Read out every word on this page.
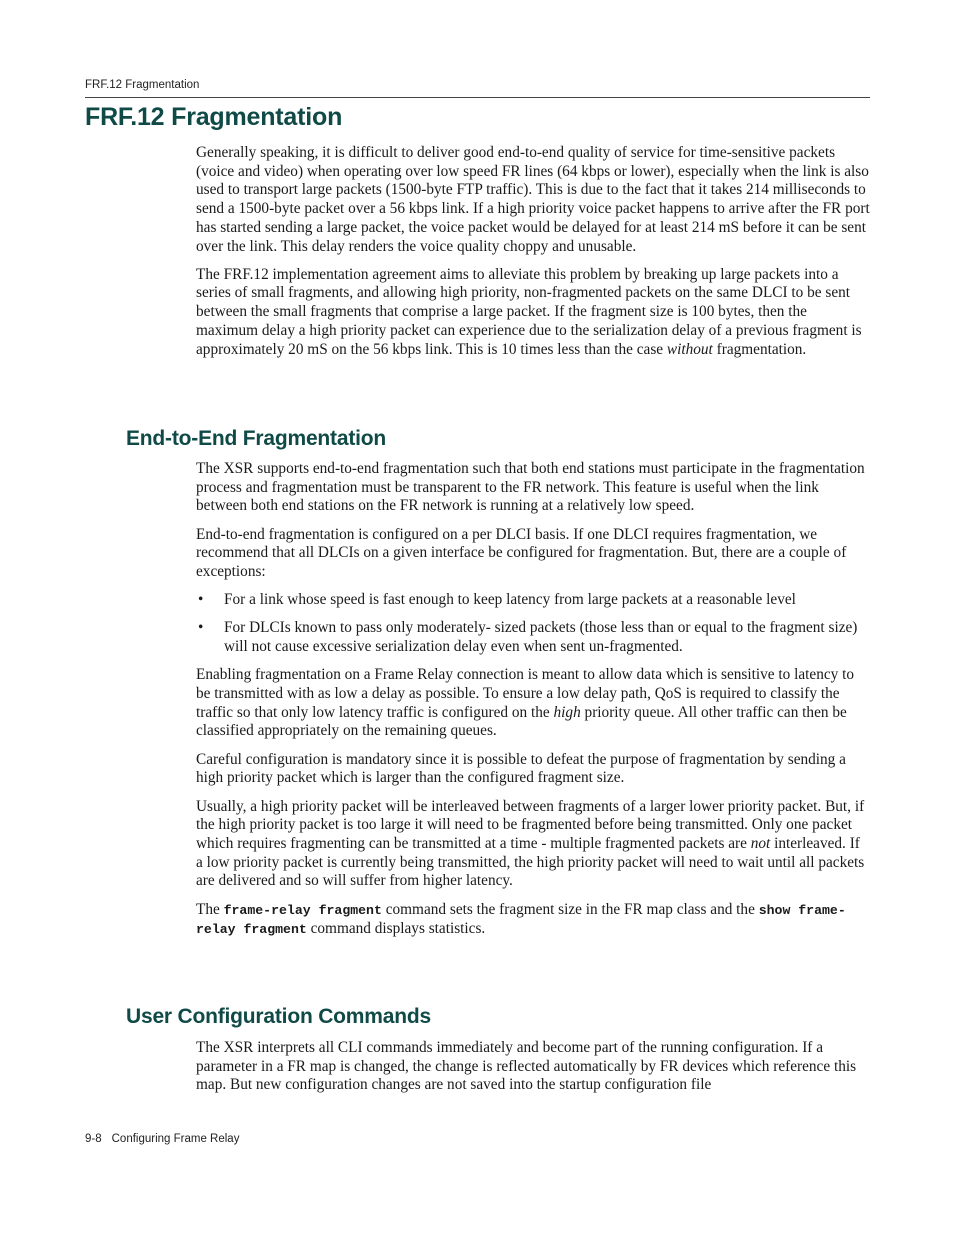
FRF.12 Fragmentation
FRF.12 Fragmentation

Generally speaking, it is difficult to deliver good end-to-end quality of service for time-sensitive packets (voice and video) when operating over low speed FR lines (64 kbps or lower), especially when the link is also used to transport large packets (1500-byte FTP traffic). This is due to the fact that it takes 214 milliseconds to send a 1500-byte packet over a 56 kbps link. If a high priority voice packet happens to arrive after the FR port has started sending a large packet, the voice packet would be delayed for at least 214 mS before it can be sent over the link. This delay renders the voice quality choppy and unusable.

The FRF.12 implementation agreement aims to alleviate this problem by breaking up large packets into a series of small fragments, and allowing high priority, non-fragmented packets on the same DLCI to be sent between the small fragments that comprise a large packet. If the fragment size is 100 bytes, then the maximum delay a high priority packet can experience due to the serialization delay of a previous fragment is approximately 20 mS on the 56 kbps link. This is 10 times less than the case without fragmentation.

End-to-End Fragmentation

The XSR supports end-to-end fragmentation such that both end stations must participate in the fragmentation process and fragmentation must be transparent to the FR network. This feature is useful when the link between both end stations on the FR network is running at a relatively low speed.

End-to-end fragmentation is configured on a per DLCI basis. If one DLCI requires fragmentation, we recommend that all DLCIs on a given interface be configured for fragmentation. But, there are a couple of exceptions:

• For a link whose speed is fast enough to keep latency from large packets at a reasonable level
• For DLCIs known to pass only moderately- sized packets (those less than or equal to the fragment size) will not cause excessive serialization delay even when sent un-fragmented.

Enabling fragmentation on a Frame Relay connection is meant to allow data which is sensitive to latency to be transmitted with as low a delay as possible. To ensure a low delay path, QoS is required to classify the traffic so that only low latency traffic is configured on the high priority queue. All other traffic can then be classified appropriately on the remaining queues.

Careful configuration is mandatory since it is possible to defeat the purpose of fragmentation by sending a high priority packet which is larger than the configured fragment size.

Usually, a high priority packet will be interleaved between fragments of a larger lower priority packet. But, if the high priority packet is too large it will need to be fragmented before being transmitted. Only one packet which requires fragmenting can be transmitted at a time - multiple fragmented packets are not interleaved. If a low priority packet is currently being transmitted, the high priority packet will need to wait until all packets are delivered and so will suffer from higher latency.

The frame-relay fragment command sets the fragment size in the FR map class and the show frame-relay fragment command displays statistics.

User Configuration Commands

The XSR interprets all CLI commands immediately and become part of the running configuration. If a parameter in a FR map is changed, the change is reflected automatically by FR devices which reference this map. But new configuration changes are not saved into the startup configuration file

9-8 Configuring Frame Relay
